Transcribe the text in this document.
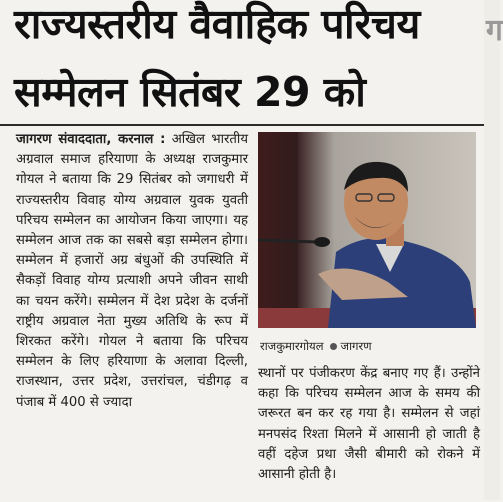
राज्यस्तरीय वैवाहिक परिचय
सम्मेलन सितंबर 29 को

जागरण संवाददाता, करनाल : अखिल भारतीय अग्रवाल समाज हरियाणा के अध्यक्ष राजकुमार गोयल ने बताया कि 29 सितंबर को जगाधरी में राज्यस्तरीय विवाह योग्य अग्रवाल युवक युवती परिचय सम्मेलन का आयोजन किया जाएगा। यह सम्मेलन आज तक का सबसे बड़ा सम्मेलन होगा। सम्मेलन में हजारों अग्र बंधुओं की उपस्थिति में सैकड़ों विवाह योग्य प्रत्याशी अपने जीवन साथी का चयन करेंगे। सम्मेलन में देश प्रदेश के दर्जनों राष्ट्रीय अग्रवाल नेता मुख्य अतिथि के रूप में शिरकत करेंगे। गोयल ने बताया कि परिचय सम्मेलन के लिए हरियाणा के अलावा दिल्ली, राजस्थान, उत्तर प्रदेश, उत्तरांचल, चंडीगढ़ व पंजाब में 400 से ज्यादा

राजकुमारगोयल जागरण

स्थानों पर पंजीकरण केंद्र बनाए गए हैं। उन्होंने कहा कि परिचय सम्मेलन आज के समय की जरूरत बन कर रह गया है। सम्मेलन से जहां मनपसंद रिश्ता मिलने में आसानी हो जाती है वहीं दहेज प्रथा जैसी बीमारी को रोकने में आसानी होती है।

ग
